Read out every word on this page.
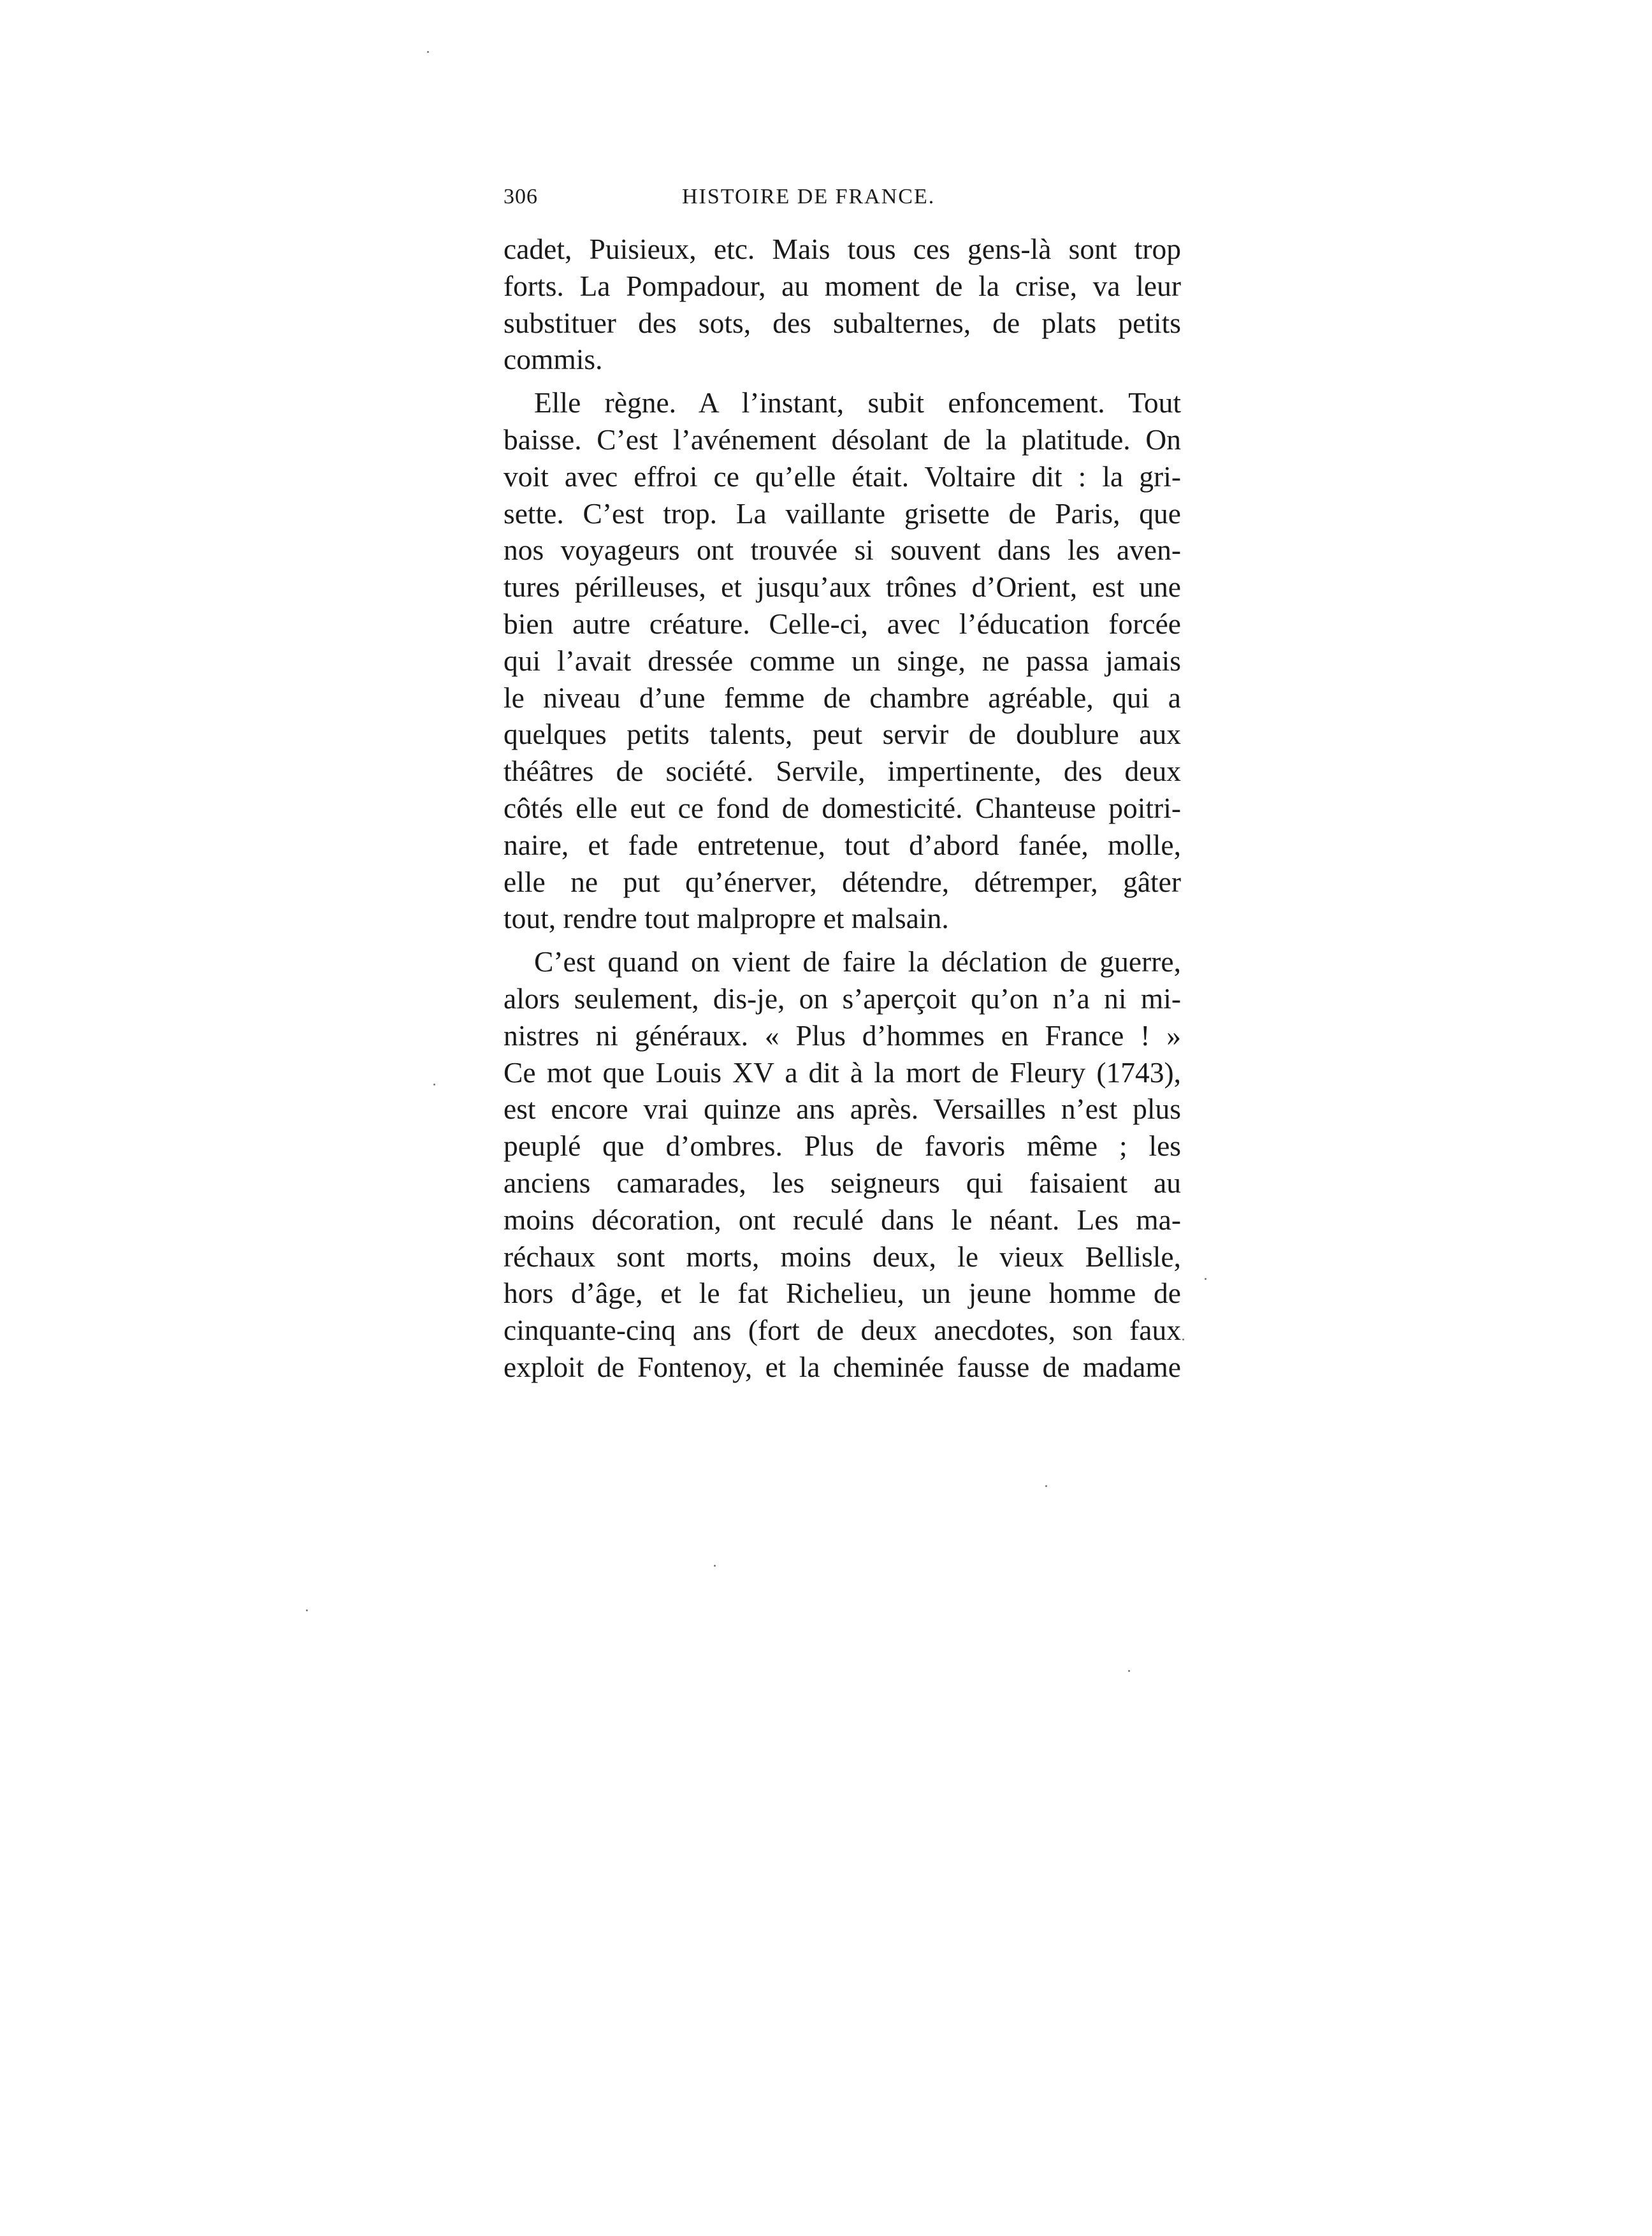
306	HISTOIRE DE FRANCE.
cadet, Puisieux, etc. Mais tous ces gens-là sont trop
forts. La Pompadour, au moment de la crise, va leur
substituer des sots, des subalternes, de plats petits
commis.
Elle règne. A l’instant, subit enfoncement. Tout
baisse. C’est l’avénement désolant de la platitude. On
voit avec effroi ce qu’elle était. Voltaire dit : la gri-
sette. C’est trop. La vaillante grisette de Paris, que
nos voyageurs ont trouvée si souvent dans les aven-
tures périlleuses, et jusqu’aux trônes d’Orient, est une
bien autre créature. Celle-ci, avec l’éducation forcée
qui l’avait dressée comme un singe, ne passa jamais
le niveau d’une femme de chambre agréable, qui a
quelques petits talents, peut servir de doublure aux
théâtres de société. Servile, impertinente, des deux
côtés elle eut ce fond de domesticité. Chanteuse poitri-
naire, et fade entretenue, tout d’abord fanée, molle,
elle ne put qu’énerver, détendre, détremper, gâter
tout, rendre tout malpropre et malsain.
C’est quand on vient de faire la déclation de guerre,
alors seulement, dis-je, on s’aperçoit qu’on n’a ni mi-
nistres ni généraux. « Plus d’hommes en France ! »
Ce mot que Louis XV a dit à la mort de Fleury (1743),
est encore vrai quinze ans après. Versailles n’est plus
peuplé que d’ombres. Plus de favoris même ; les
anciens camarades, les seigneurs qui faisaient au
moins décoration, ont reculé dans le néant. Les ma-
réchaux sont morts, moins deux, le vieux Bellisle,
hors d’âge, et le fat Richelieu, un jeune homme de
cinquante-cinq ans (fort de deux anecdotes, son faux
exploit de Fontenoy, et la cheminée fausse de madame
